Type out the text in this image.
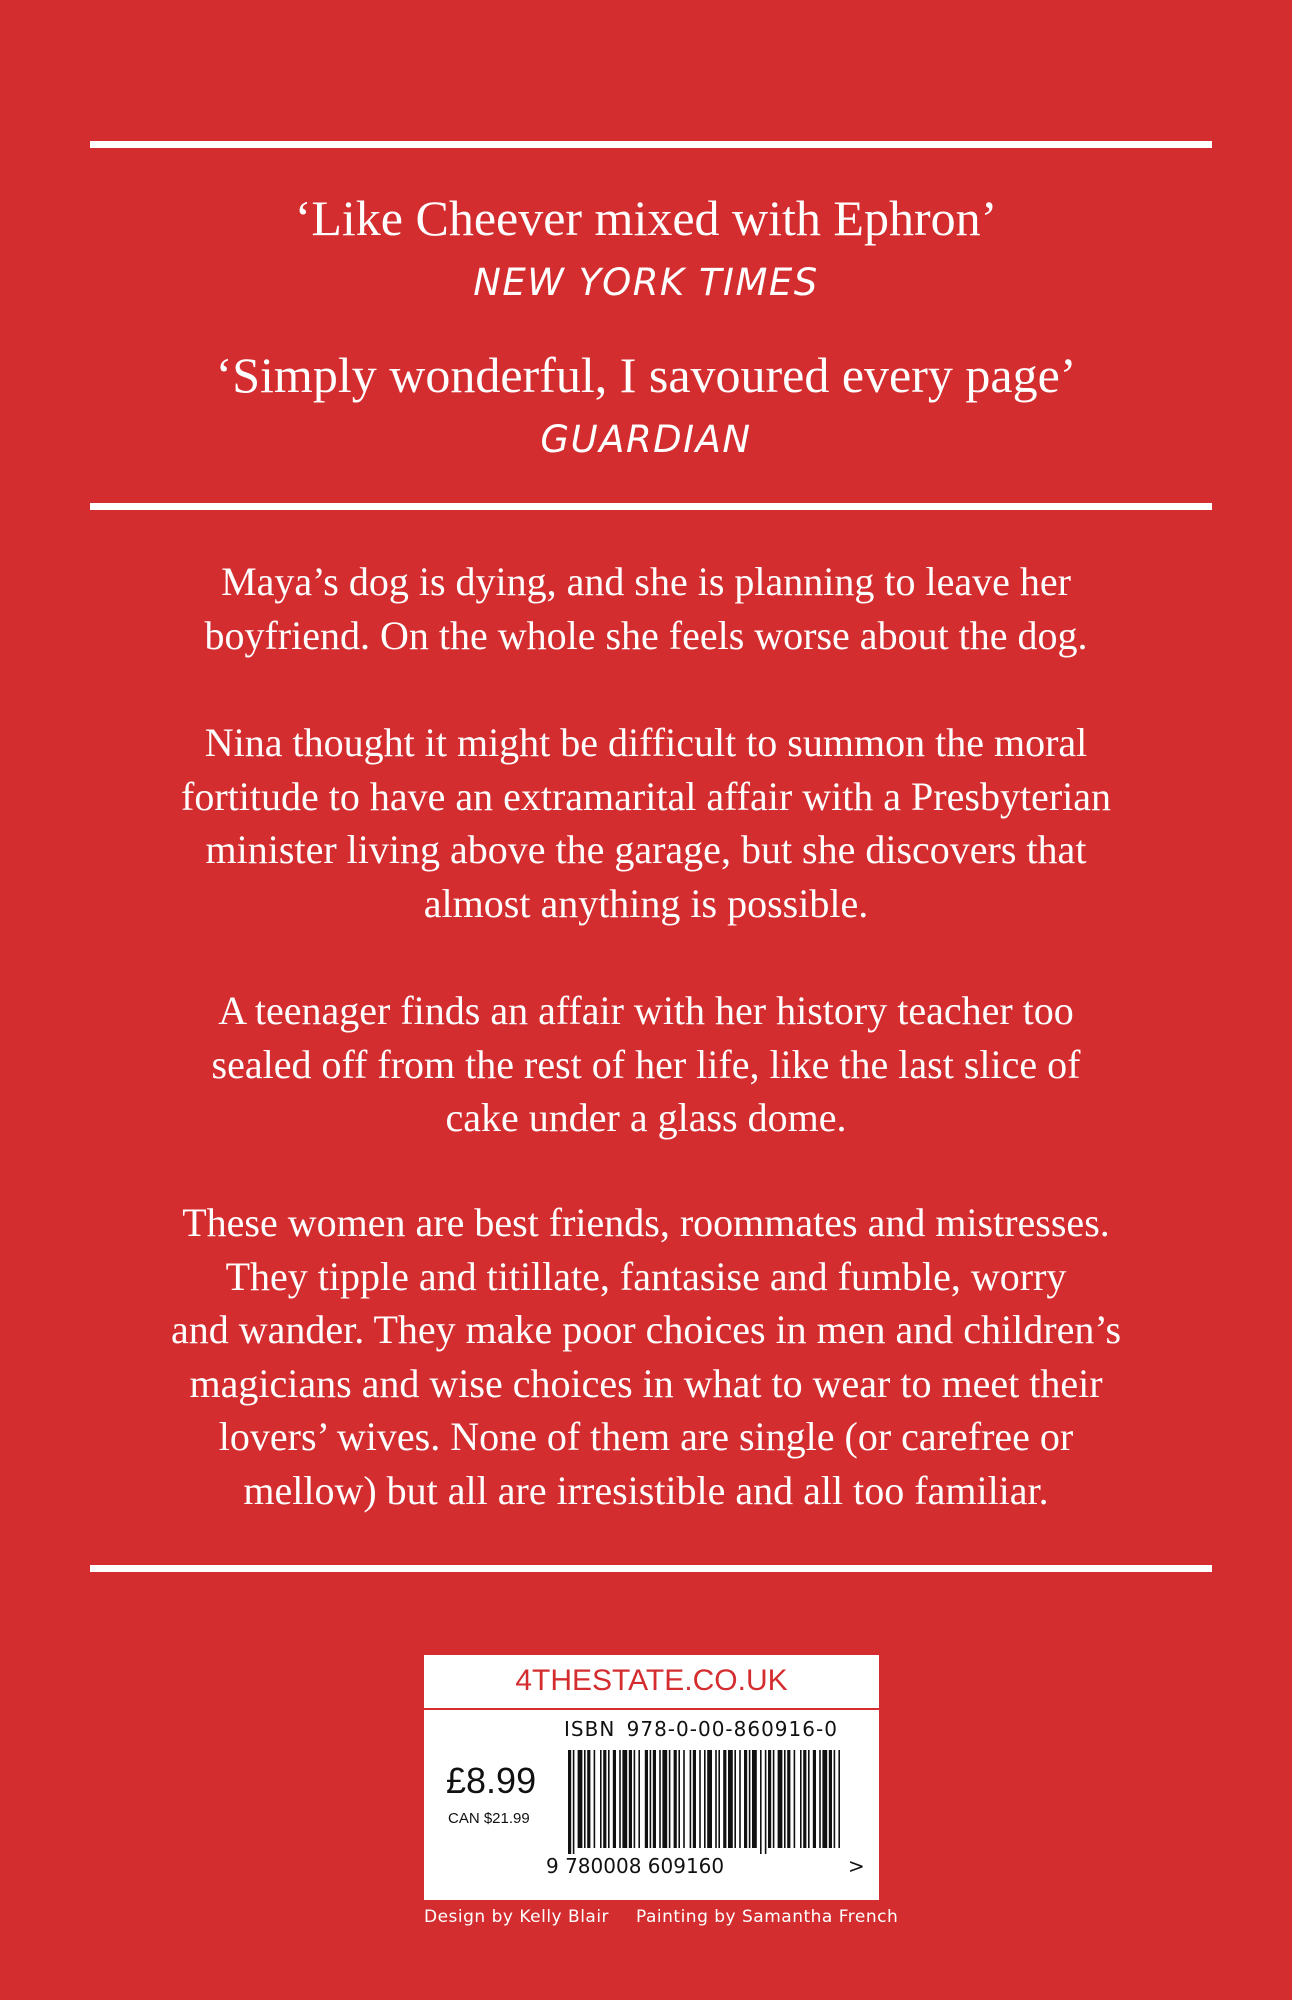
‘Like Cheever mixed with Ephron’
NEW YORK TIMES
‘Simply wonderful, I savoured every page’
GUARDIAN

Maya’s dog is dying, and she is planning to leave her
boyfriend. On the whole she feels worse about the dog.

Nina thought it might be difficult to summon the moral
fortitude to have an extramarital affair with a Presbyterian
minister living above the garage, but she discovers that
almost anything is possible.

A teenager finds an affair with her history teacher too
sealed off from the rest of her life, like the last slice of
cake under a glass dome.

These women are best friends, roommates and mistresses.
They tipple and titillate, fantasise and fumble, worry
and wander. They make poor choices in men and children’s
magicians and wise choices in what to wear to meet their
lovers’ wives. None of them are single (or carefree or
mellow) but all are irresistible and all too familiar.

4THESTATE.CO.UK
ISBN 978-0-00-860916-0
£8.99
CAN $21.99
9 780008 609160	>
Design by Kelly Blair Painting by Samantha French
